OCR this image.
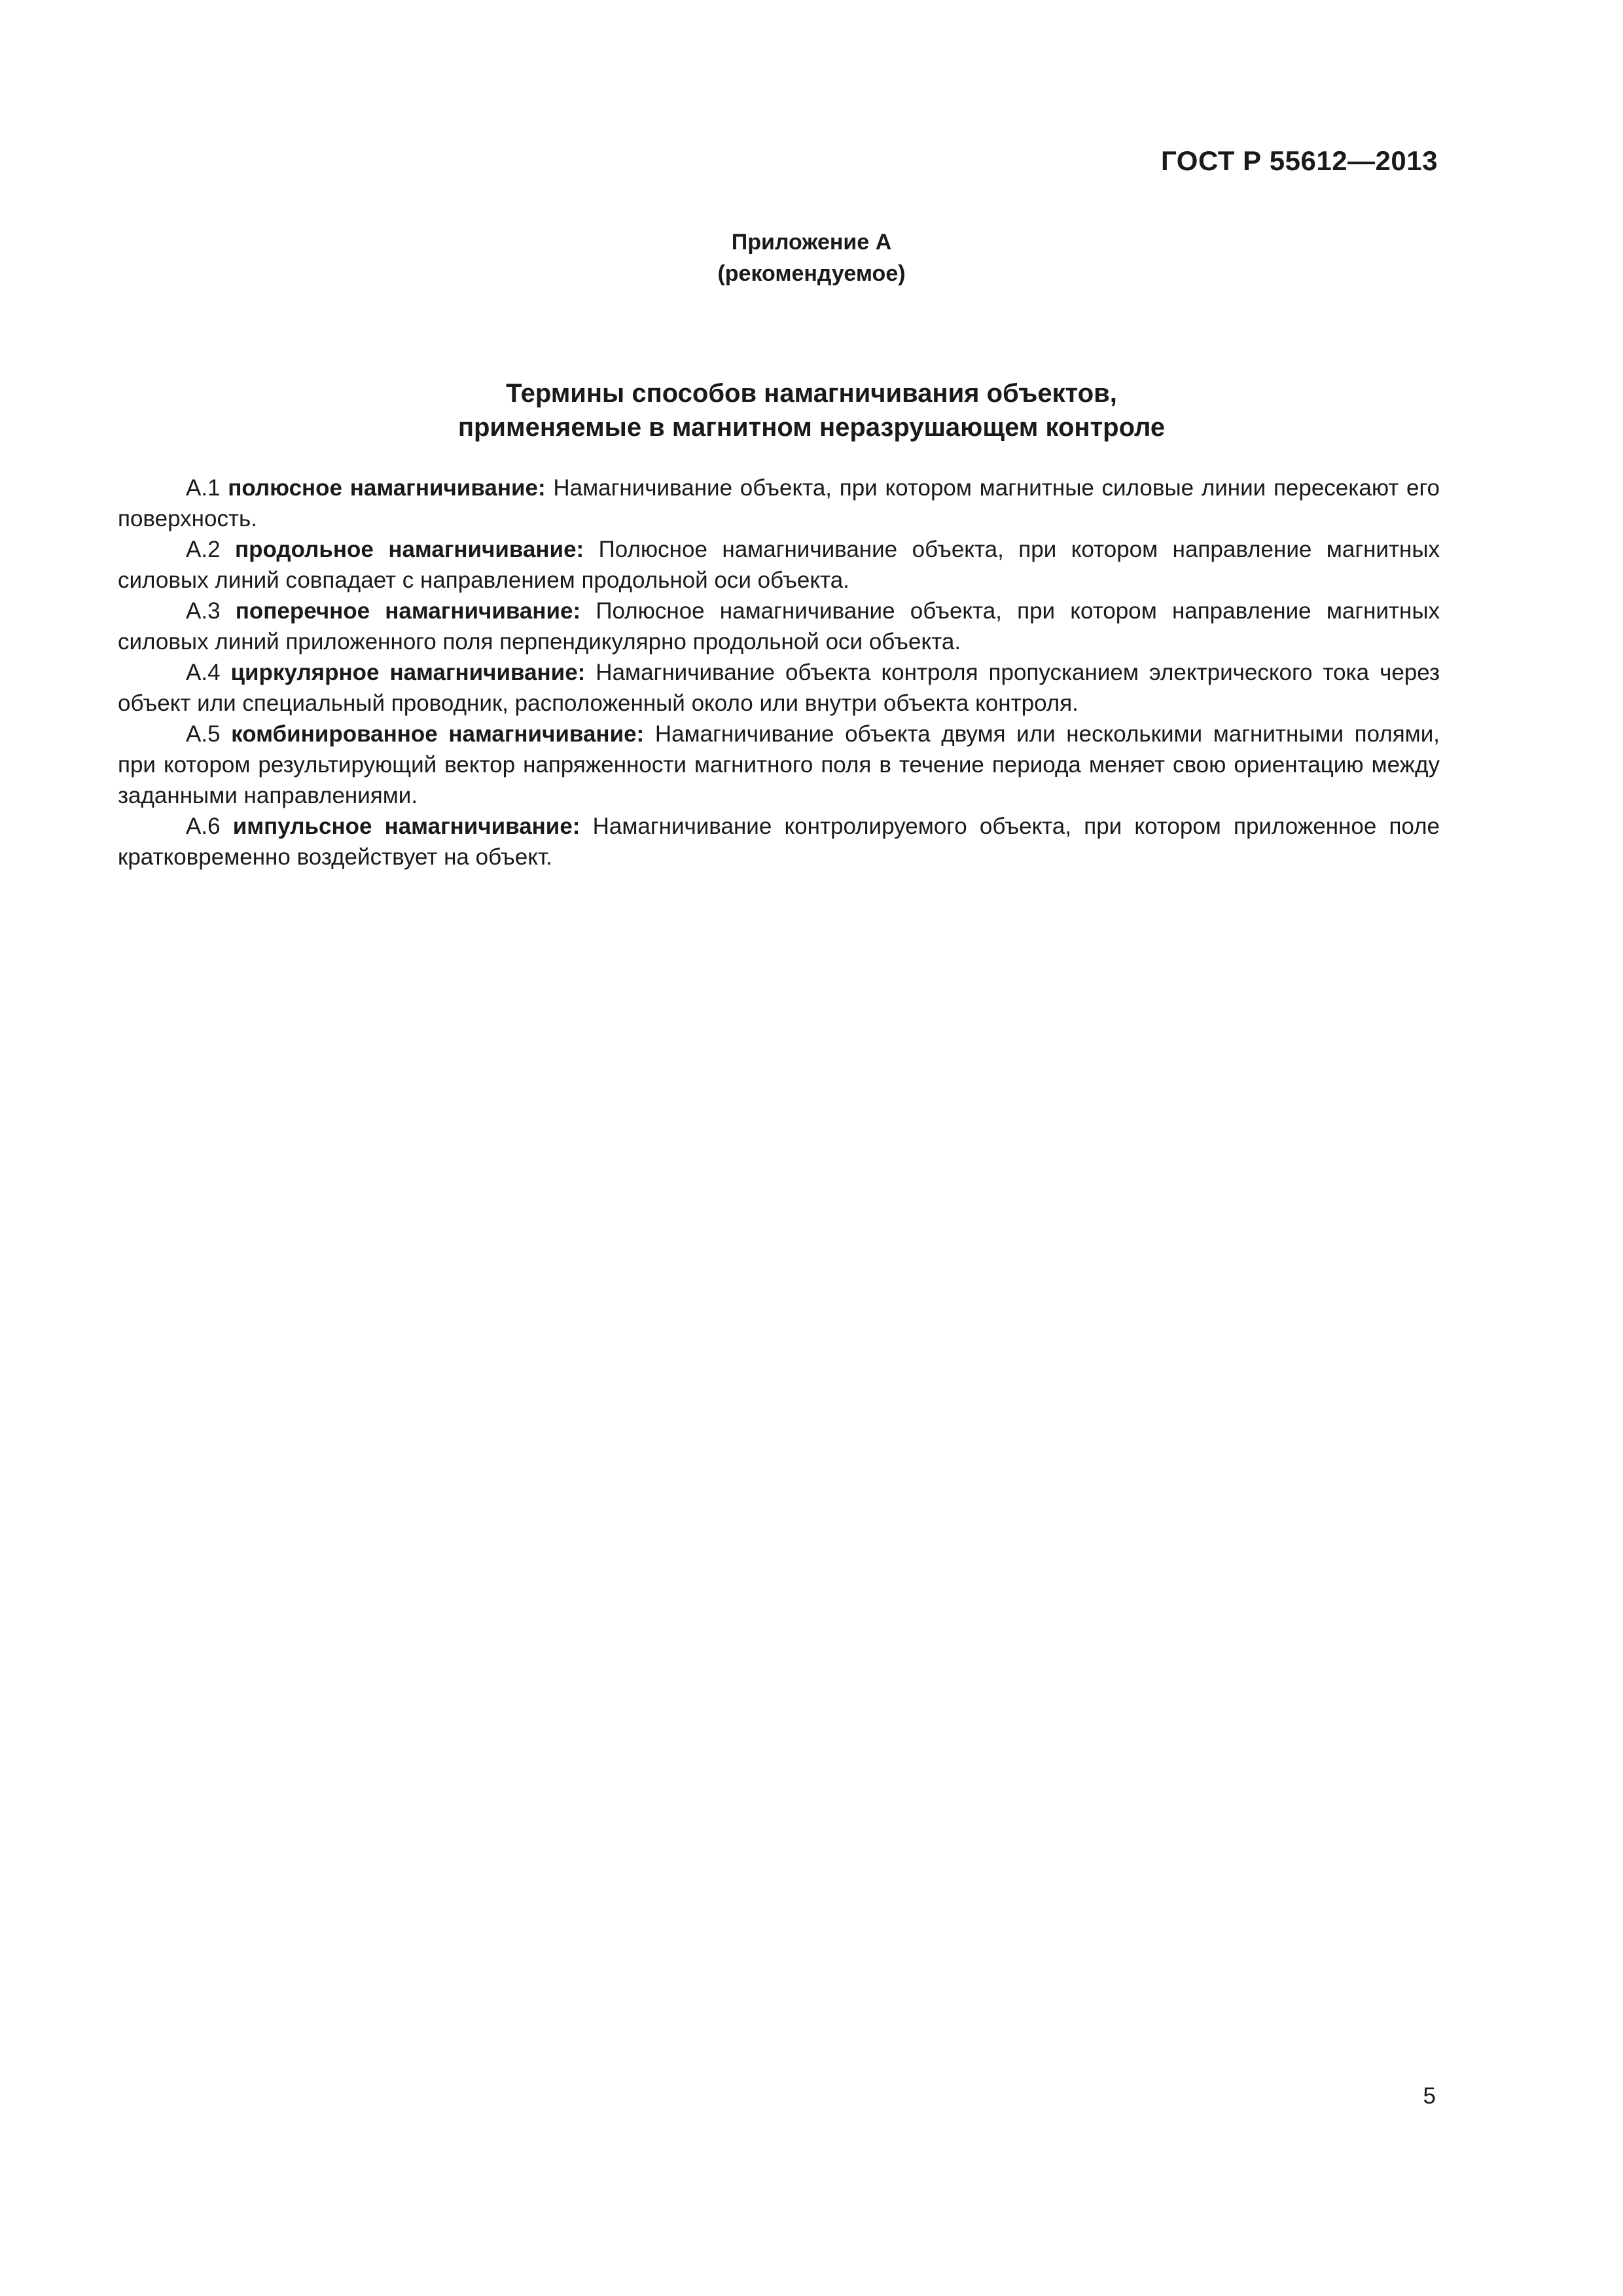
ГОСТ Р 55612—2013
Приложение А
(рекомендуемое)
Термины способов намагничивания объектов,
применяемые в магнитном неразрушающем контроле

А.1 полюсное намагничивание: Намагничивание объекта, при котором магнитные силовые линии пересекают его поверхность.

А.2 продольное намагничивание: Полюсное намагничивание объекта, при котором направление магнитных силовых линий совпадает с направлением продольной оси объекта.

А.3 поперечное намагничивание: Полюсное намагничивание объекта, при котором направление магнитных силовых линий приложенного поля перпендикулярно продольной оси объекта.

А.4 циркулярное намагничивание: Намагничивание объекта контроля пропусканием электрического тока через объект или специальный проводник, расположенный около или внутри объекта контроля.

А.5 комбинированное намагничивание: Намагничивание объекта двумя или несколькими магнитными полями, при котором результирующий вектор напряженности магнитного поля в течение периода меняет свою ориентацию между заданными направлениями.

А.6 импульсное намагничивание: Намагничивание контролируемого объекта, при котором приложенное поле кратковременно воздействует на объект.

5
